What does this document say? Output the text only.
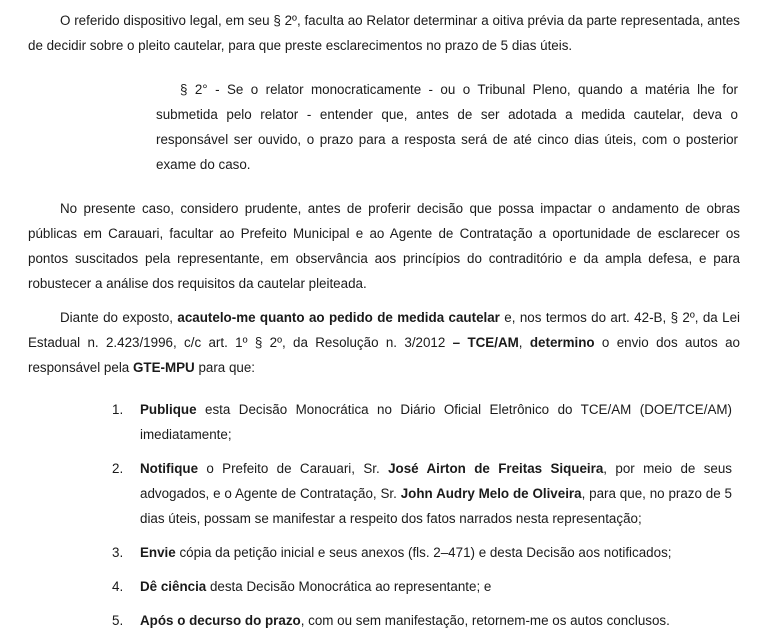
O referido dispositivo legal, em seu § 2º, faculta ao Relator determinar a oitiva prévia da parte representada, antes de decidir sobre o pleito cautelar, para que preste esclarecimentos no prazo de 5 dias úteis.

§ 2° - Se o relator monocraticamente - ou o Tribunal Pleno, quando a matéria lhe for submetida pelo relator - entender que, antes de ser adotada a medida cautelar, deva o responsável ser ouvido, o prazo para a resposta será de até cinco dias úteis, com o posterior exame do caso.

No presente caso, considero prudente, antes de proferir decisão que possa impactar o andamento de obras públicas em Carauari, facultar ao Prefeito Municipal e ao Agente de Contratação a oportunidade de esclarecer os pontos suscitados pela representante, em observância aos princípios do contraditório e da ampla defesa, e para robustecer a análise dos requisitos da cautelar pleiteada.

Diante do exposto, acautelo-me quanto ao pedido de medida cautelar e, nos termos do art. 42-B, § 2º, da Lei Estadual n. 2.423/1996, c/c art. 1º § 2º, da Resolução n. 3/2012 – TCE/AM, determino o envio dos autos ao responsável pela GTE-MPU para que:

1. Publique esta Decisão Monocrática no Diário Oficial Eletrônico do TCE/AM (DOE/TCE/AM) imediatamente;
2. Notifique o Prefeito de Carauari, Sr. José Airton de Freitas Siqueira, por meio de seus advogados, e o Agente de Contratação, Sr. John Audry Melo de Oliveira, para que, no prazo de 5 dias úteis, possam se manifestar a respeito dos fatos narrados nesta representação;
3. Envie cópia da petição inicial e seus anexos (fls. 2–471) e desta Decisão aos notificados;
4. Dê ciência desta Decisão Monocrática ao representante; e
5. Após o decurso do prazo, com ou sem manifestação, retornem-me os autos conclusos.
